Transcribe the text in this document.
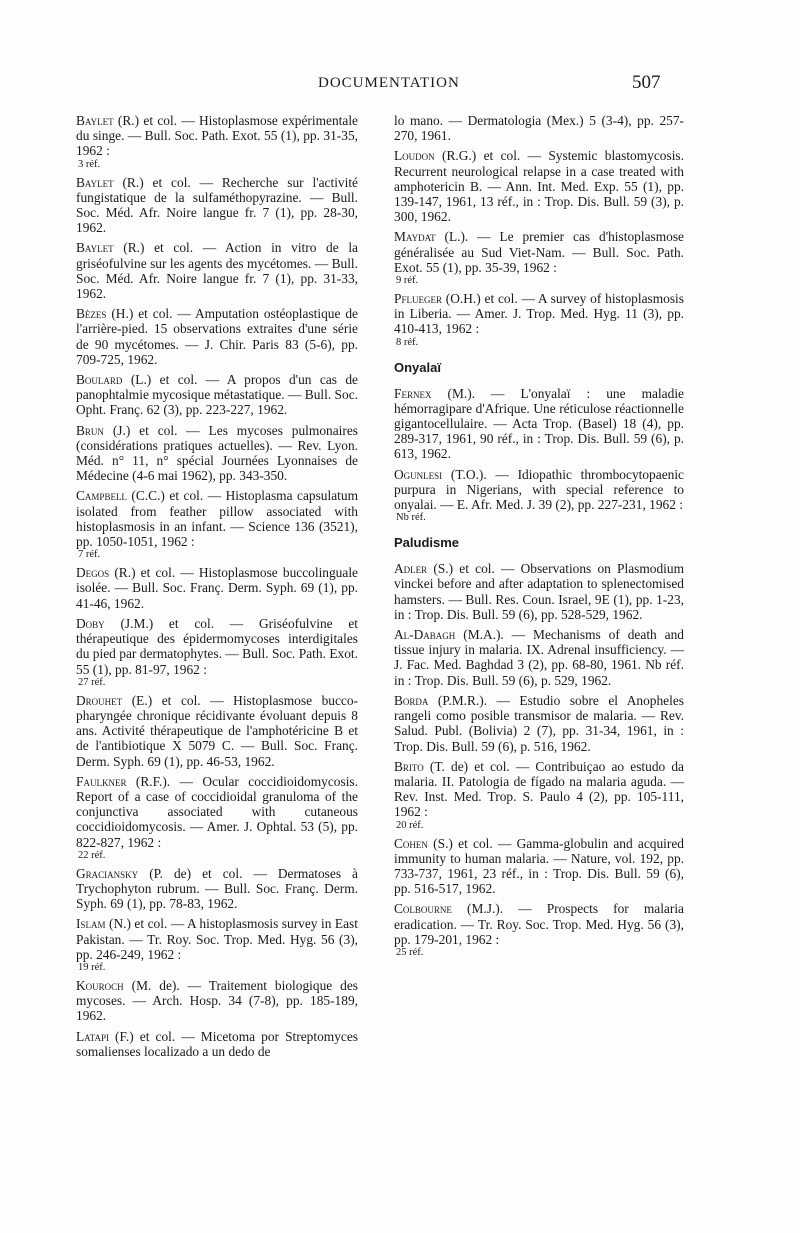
DOCUMENTATION	507
Baylet (R.) et col. — Histoplasmose expérimentale du singe. — Bull. Soc. Path. Exot. 55 (1), pp. 31-35, 1962 :
3 réf.
Baylet (R.) et col. — Recherche sur l'activité fungistatique de la sulfaméthopyrazine. — Bull. Soc. Méd. Afr. Noire langue fr. 7 (1), pp. 28-30, 1962.
Baylet (R.) et col. — Action in vitro de la griséofulvine sur les agents des mycétomes. — Bull. Soc. Méd. Afr. Noire langue fr. 7 (1), pp. 31-33, 1962.
Bèzes (H.) et col. — Amputation ostéoplastique de l'arrière-pied. 15 observations extraites d'une série de 90 mycétomes. — J. Chir. Paris 83 (5-6), pp. 709-725, 1962.
Boulard (L.) et col. — A propos d'un cas de panophtalmie mycosique métastatique. — Bull. Soc. Opht. Franç. 62 (3), pp. 223-227, 1962.
Brun (J.) et col. — Les mycoses pulmonaires (considérations pratiques actuelles). — Rev. Lyon. Méd. n° 11, n° spécial Journées Lyonnaises de Médecine (4-6 mai 1962), pp. 343-350.
Campbell (C.C.) et col. — Histoplasma capsulatum isolated from feather pillow associated with histoplasmosis in an infant. — Science 136 (3521), pp. 1050-1051, 1962 :
7 réf.
Degos (R.) et col. — Histoplasmose buccolinguale isolée. — Bull. Soc. Franç. Derm. Syph. 69 (1), pp. 41-46, 1962.
Doby (J.M.) et col. — Griséofulvine et thérapeutique des épidermomycoses interdigitales du pied par dermatophytes. — Bull. Soc. Path. Exot. 55 (1), pp. 81-97, 1962 :
27 réf.
Drouhet (E.) et col. — Histoplasmose bucco-pharyngée chronique récidivante évoluant depuis 8 ans. Activité thérapeutique de l'amphotéricine B et de l'antibiotique X 5079 C. — Bull. Soc. Franç. Derm. Syph. 69 (1), pp. 46-53, 1962.
Faulkner (R.F.). — Ocular coccidioidomycosis. Report of a case of coccidioidal granuloma of the conjunctiva associated with cutaneous coccidioidomycosis. — Amer. J. Ophtal. 53 (5), pp. 822-827, 1962 :
22 réf.
Graciansky (P. de) et col. — Dermatoses à Trychophyton rubrum. — Bull. Soc. Franç. Derm. Syph. 69 (1), pp. 78-83, 1962.
Islam (N.) et col. — A histoplasmosis survey in East Pakistan. — Tr. Roy. Soc. Trop. Med. Hyg. 56 (3), pp. 246-249, 1962 :
19 réf.
Kouroch (M. de). — Traitement biologique des mycoses. — Arch. Hosp. 34 (7-8), pp. 185-189, 1962.
Latapi (F.) et col. — Micetoma por Streptomyces somalienses localizado a un dedo de
lo mano. — Dermatologia (Mex.) 5 (3-4), pp. 257-270, 1961.
Loudon (R.G.) et col. — Systemic blastomycosis. Recurrent neurological relapse in a case treated with amphotericin B. — Ann. Int. Med. Exp. 55 (1), pp. 139-147, 1961, 13 réf., in : Trop. Dis. Bull. 59 (3), p. 300, 1962.
Maydat (L.). — Le premier cas d'histoplasmose généralisée au Sud Viet-Nam. — Bull. Soc. Path. Exot. 55 (1), pp. 35-39, 1962 :
9 réf.
Pflueger (O.H.) et col. — A survey of histoplasmosis in Liberia. — Amer. J. Trop. Med. Hyg. 11 (3), pp. 410-413, 1962 :
8 réf.
Onyalaï
Fernex (M.). — L'onyalaï : une maladie hémorragipare d'Afrique. Une réticulose réactionnelle gigantocellulaire. — Acta Trop. (Basel) 18 (4), pp. 289-317, 1961, 90 réf., in : Trop. Dis. Bull. 59 (6), p. 613, 1962.
Ogunlesi (T.O.). — Idiopathic thrombocytopaenic purpura in Nigerians, with special reference to onyalai. — E. Afr. Med. J. 39 (2), pp. 227-231, 1962 :
Nb réf.
Paludisme
Adler (S.) et col. — Observations on Plasmodium vinckei before and after adaptation to splenectomised hamsters. — Bull. Res. Coun. Israel, 9E (1), pp. 1-23, in : Trop. Dis. Bull. 59 (6), pp. 528-529, 1962.
Al-Dabagh (M.A.). — Mechanisms of death and tissue injury in malaria. IX. Adrenal insufficiency. — J. Fac. Med. Baghdad 3 (2), pp. 68-80, 1961. Nb réf. in : Trop. Dis. Bull. 59 (6), p. 529, 1962.
Borda (P.M.R.). — Estudio sobre el Anopheles rangeli como posible transmisor de malaria. — Rev. Salud. Publ. (Bolivia) 2 (7), pp. 31-34, 1961, in : Trop. Dis. Bull. 59 (6), p. 516, 1962.
Brito (T. de) et col. — Contribuiçao ao estudo da malaria. II. Patologia de fígado na malaria aguda. — Rev. Inst. Med. Trop. S. Paulo 4 (2), pp. 105-111, 1962 :
20 réf.
Cohen (S.) et col. — Gamma-globulin and acquired immunity to human malaria. — Nature, vol. 192, pp. 733-737, 1961, 23 réf., in : Trop. Dis. Bull. 59 (6), pp. 516-517, 1962.
Colbourne (M.J.). — Prospects for malaria eradication. — Tr. Roy. Soc. Trop. Med. Hyg. 56 (3), pp. 179-201, 1962 :
25 réf.
